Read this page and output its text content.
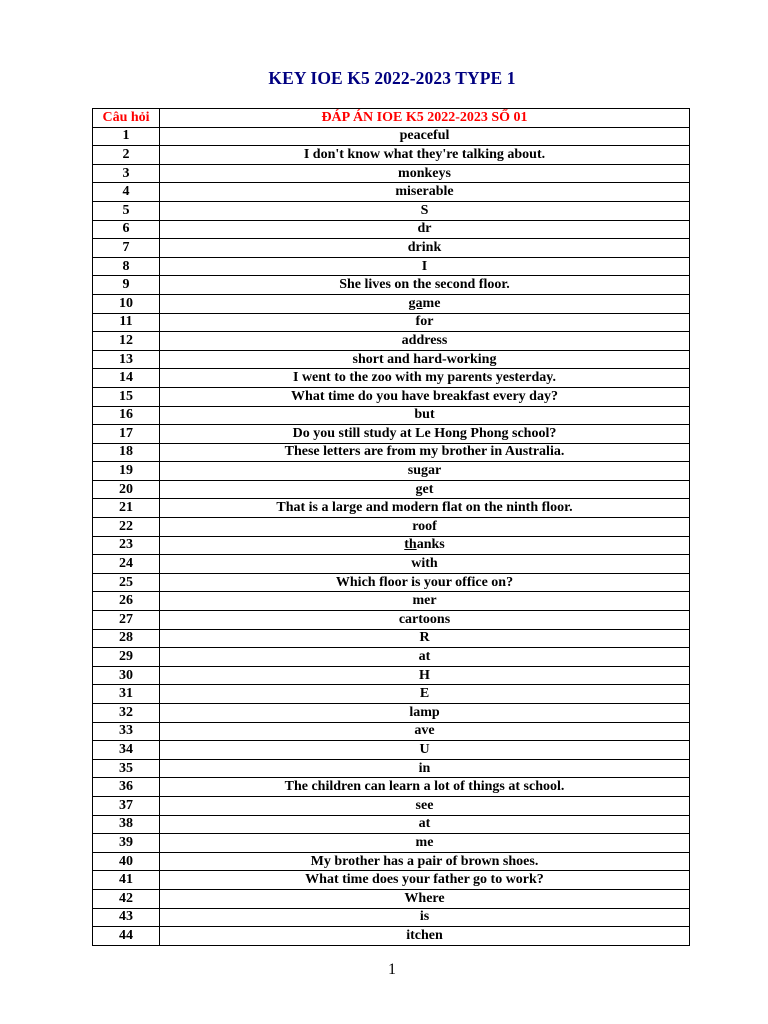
KEY IOE K5 2022-2023 TYPE 1
Câu hỏi	ĐÁP ÁN IOE K5 2022-2023 SỐ 01
1	peaceful
2	I don't know what they're talking about.
3	monkeys
4	miserable
5	S
6	dr
7	drink
8	I
9	She lives on the second floor.
10	game
11	for
12	address
13	short and hard-working
14	I went to the zoo with my parents yesterday.
15	What time do you have breakfast every day?
16	but
17	Do you still study at Le Hong Phong school?
18	These letters are from my brother in Australia.
19	sugar
20	get
21	That is a large and modern flat on the ninth floor.
22	roof
23	thanks
24	with
25	Which floor is your office on?
26	mer
27	cartoons
28	R
29	at
30	H
31	E
32	lamp
33	ave
34	U
35	in
36	The children can learn a lot of things at school.
37	see
38	at
39	me
40	My brother has a pair of brown shoes.
41	What time does your father go to work?
42	Where
43	is
44	itchen
1
